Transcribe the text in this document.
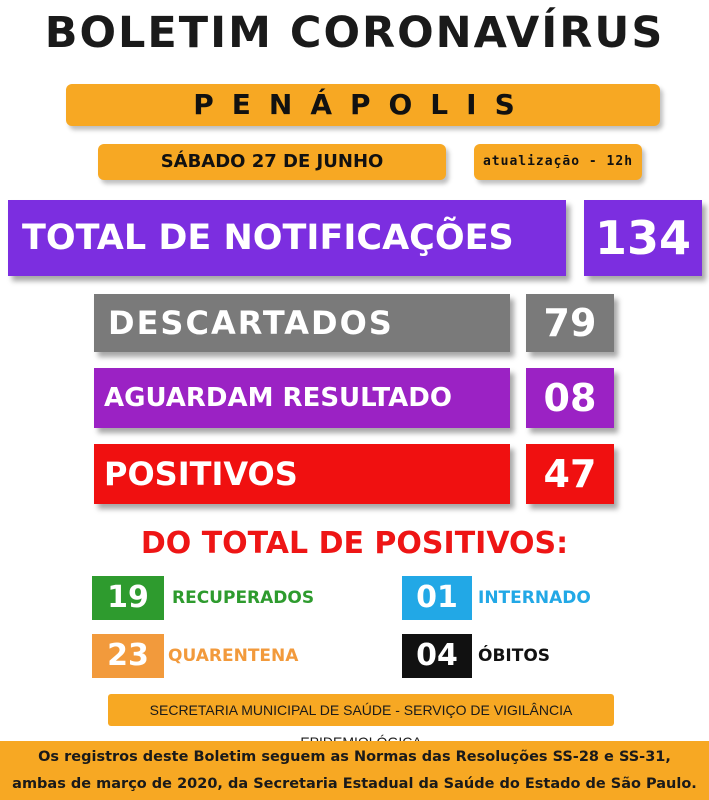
BOLETIM CORONAVÍRUS
PENÁPOLIS
SÁBADO 27 DE JUNHO	atualização - 12h
TOTAL DE NOTIFICAÇÕES	134
DESCARTADOS	79
AGUARDAM RESULTADO	08
POSITIVOS	47
DO TOTAL DE POSITIVOS:
19	RECUPERADOS	01	INTERNADO
23	QUARENTENA	04	ÓBITOS
SECRETARIA MUNICIPAL DE SAÚDE - SERVIÇO DE VIGILÂNCIA
Os registros deste Boletim seguem as Normas das Resoluções SS-28 e SS-31,
ambas de março de 2020, da Secretaria Estadual da Saúde do Estado de São Paulo.
